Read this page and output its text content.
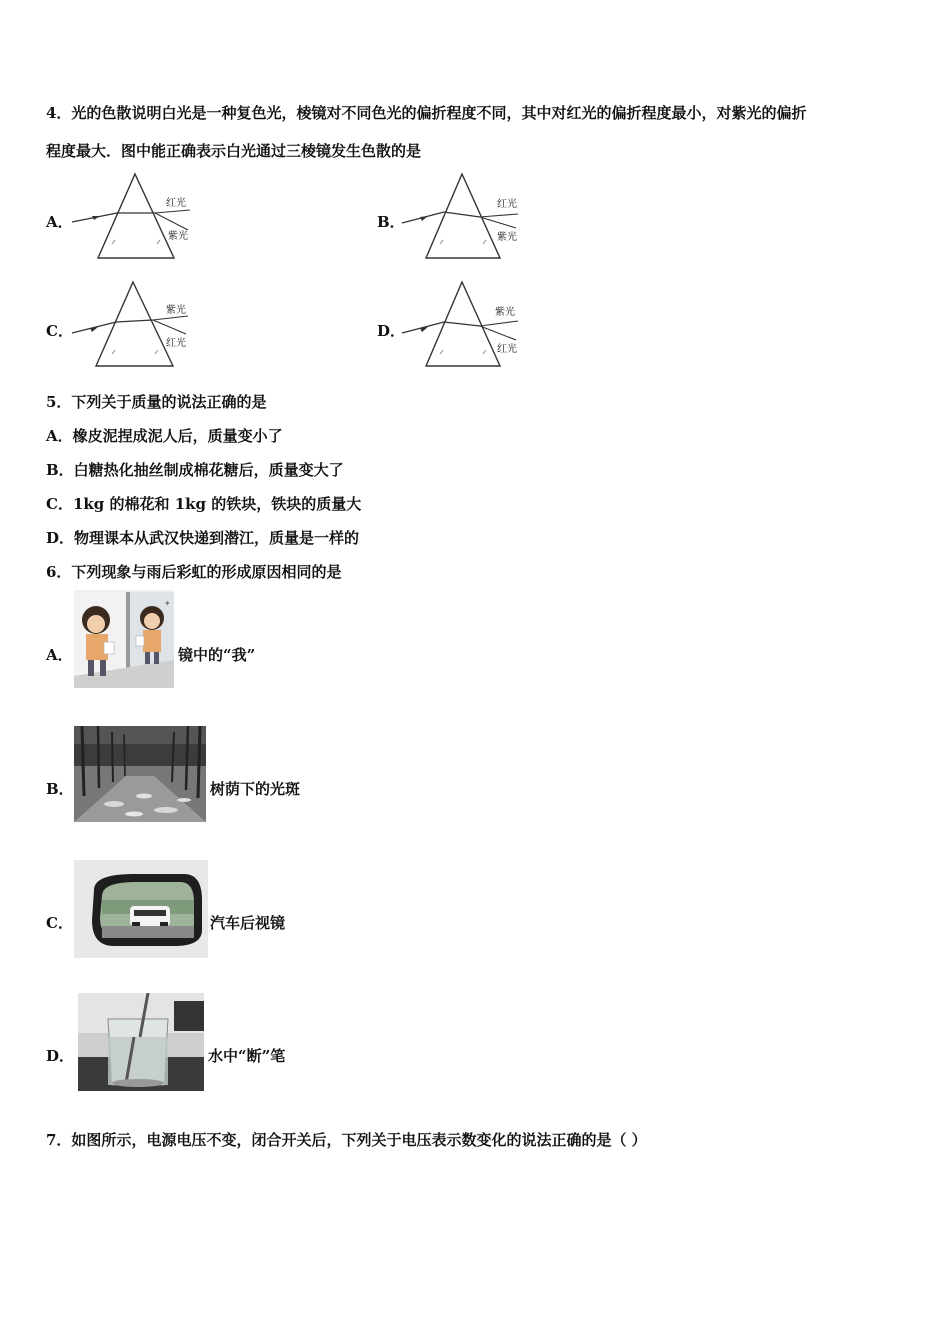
4．光的色散说明白光是一种复色光，棱镜对不同色光的偏折程度不同，其中对红光的偏折程度最小，对紫光的偏折
程度最大．图中能正确表示白光通过三棱镜发生色散的是
A．
红光
紫光
B．
红光
紫光
C．
紫光
红光
D．
紫光
红光
5．下列关于质量的说法正确的是
A．橡皮泥捏成泥人后，质量变小了
B．白糖热化抽丝制成棉花糖后，质量变大了
C．1kg 的棉花和 1kg 的铁块，铁块的质量大
D．物理课本从武汉快递到潜江，质量是一样的
6．下列现象与雨后彩虹的形成原因相同的是
A．
✦
镜中的“我”
B．	树荫下的光斑
C．	汽车后视镜
D．	水中“断”笔
7．如图所示，电源电压不变，闭合开关后，下列关于电压表示数变化的说法正确的是（ ）
